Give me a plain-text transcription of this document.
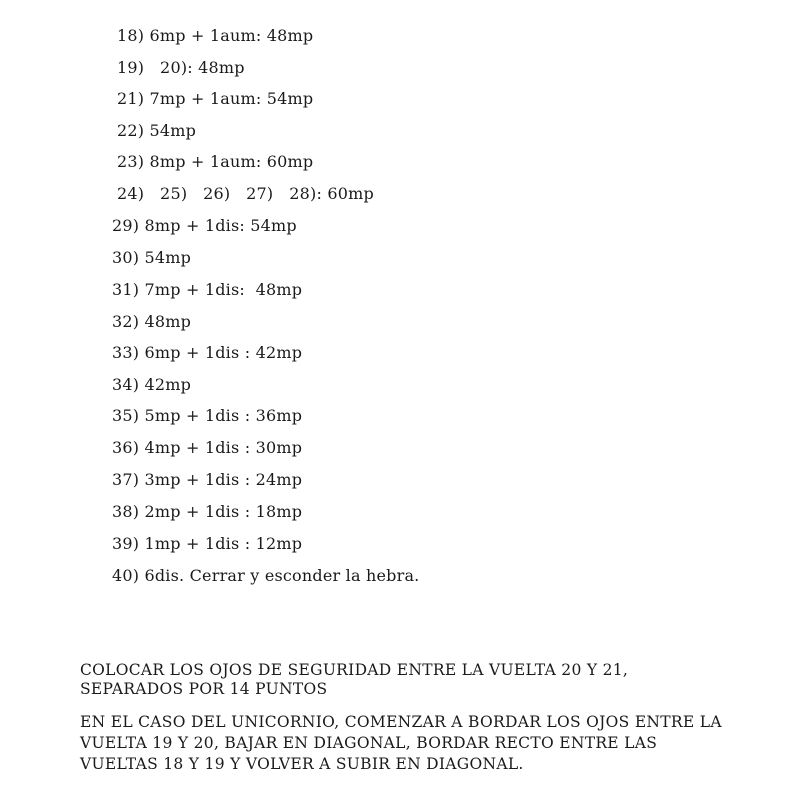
18) 6mp + 1aum: 48mp
19)   20): 48mp
21) 7mp + 1aum: 54mp
22) 54mp
23) 8mp + 1aum: 60mp
24)   25)   26)   27)   28): 60mp
29) 8mp + 1dis: 54mp
30) 54mp
31) 7mp + 1dis:  48mp
32) 48mp
33) 6mp + 1dis : 42mp
34) 42mp
35) 5mp + 1dis : 36mp
36) 4mp + 1dis : 30mp
37) 3mp + 1dis : 24mp
38) 2mp + 1dis : 18mp
39) 1mp + 1dis : 12mp
40) 6dis. Cerrar y esconder la hebra.
COLOCAR LOS OJOS DE SEGURIDAD ENTRE LA VUELTA 20 Y 21,
SEPARADOS POR 14 PUNTOS
EN EL CASO DEL UNICORNIO, COMENZAR A BORDAR LOS OJOS ENTRE LA
VUELTA 19 Y 20, BAJAR EN DIAGONAL, BORDAR RECTO ENTRE LAS
VUELTAS 18 Y 19 Y VOLVER A SUBIR EN DIAGONAL.
